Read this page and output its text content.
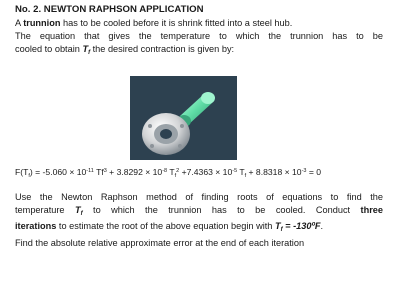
No. 2. NEWTON RAPHSON APPLICATION
A trunnion has to be cooled before it is shrink fitted into a steel hub.
The equation that gives the temperature to which the trunnion has to be
cooled to obtain $T_f$ the desired contraction is given by:
$F(T_f) = -5.060 \times 10^{-11}$ $Tf^3 + 3.8292 \times 10^{-8}$ $T_f^2 +7.4363 \times 10^{-5}$ $T_f + 8.8318 \times 10^{-3} = 0$
Use the Newton Raphson method of finding roots of equations to find the
temperature $T_f$ to which the trunnion has to be cooled. Conduct three
iterations to estimate the root of the above equation begin with $T_f$ = -130ºF.
Find the absolute relative approximate error at the end of each iteration
